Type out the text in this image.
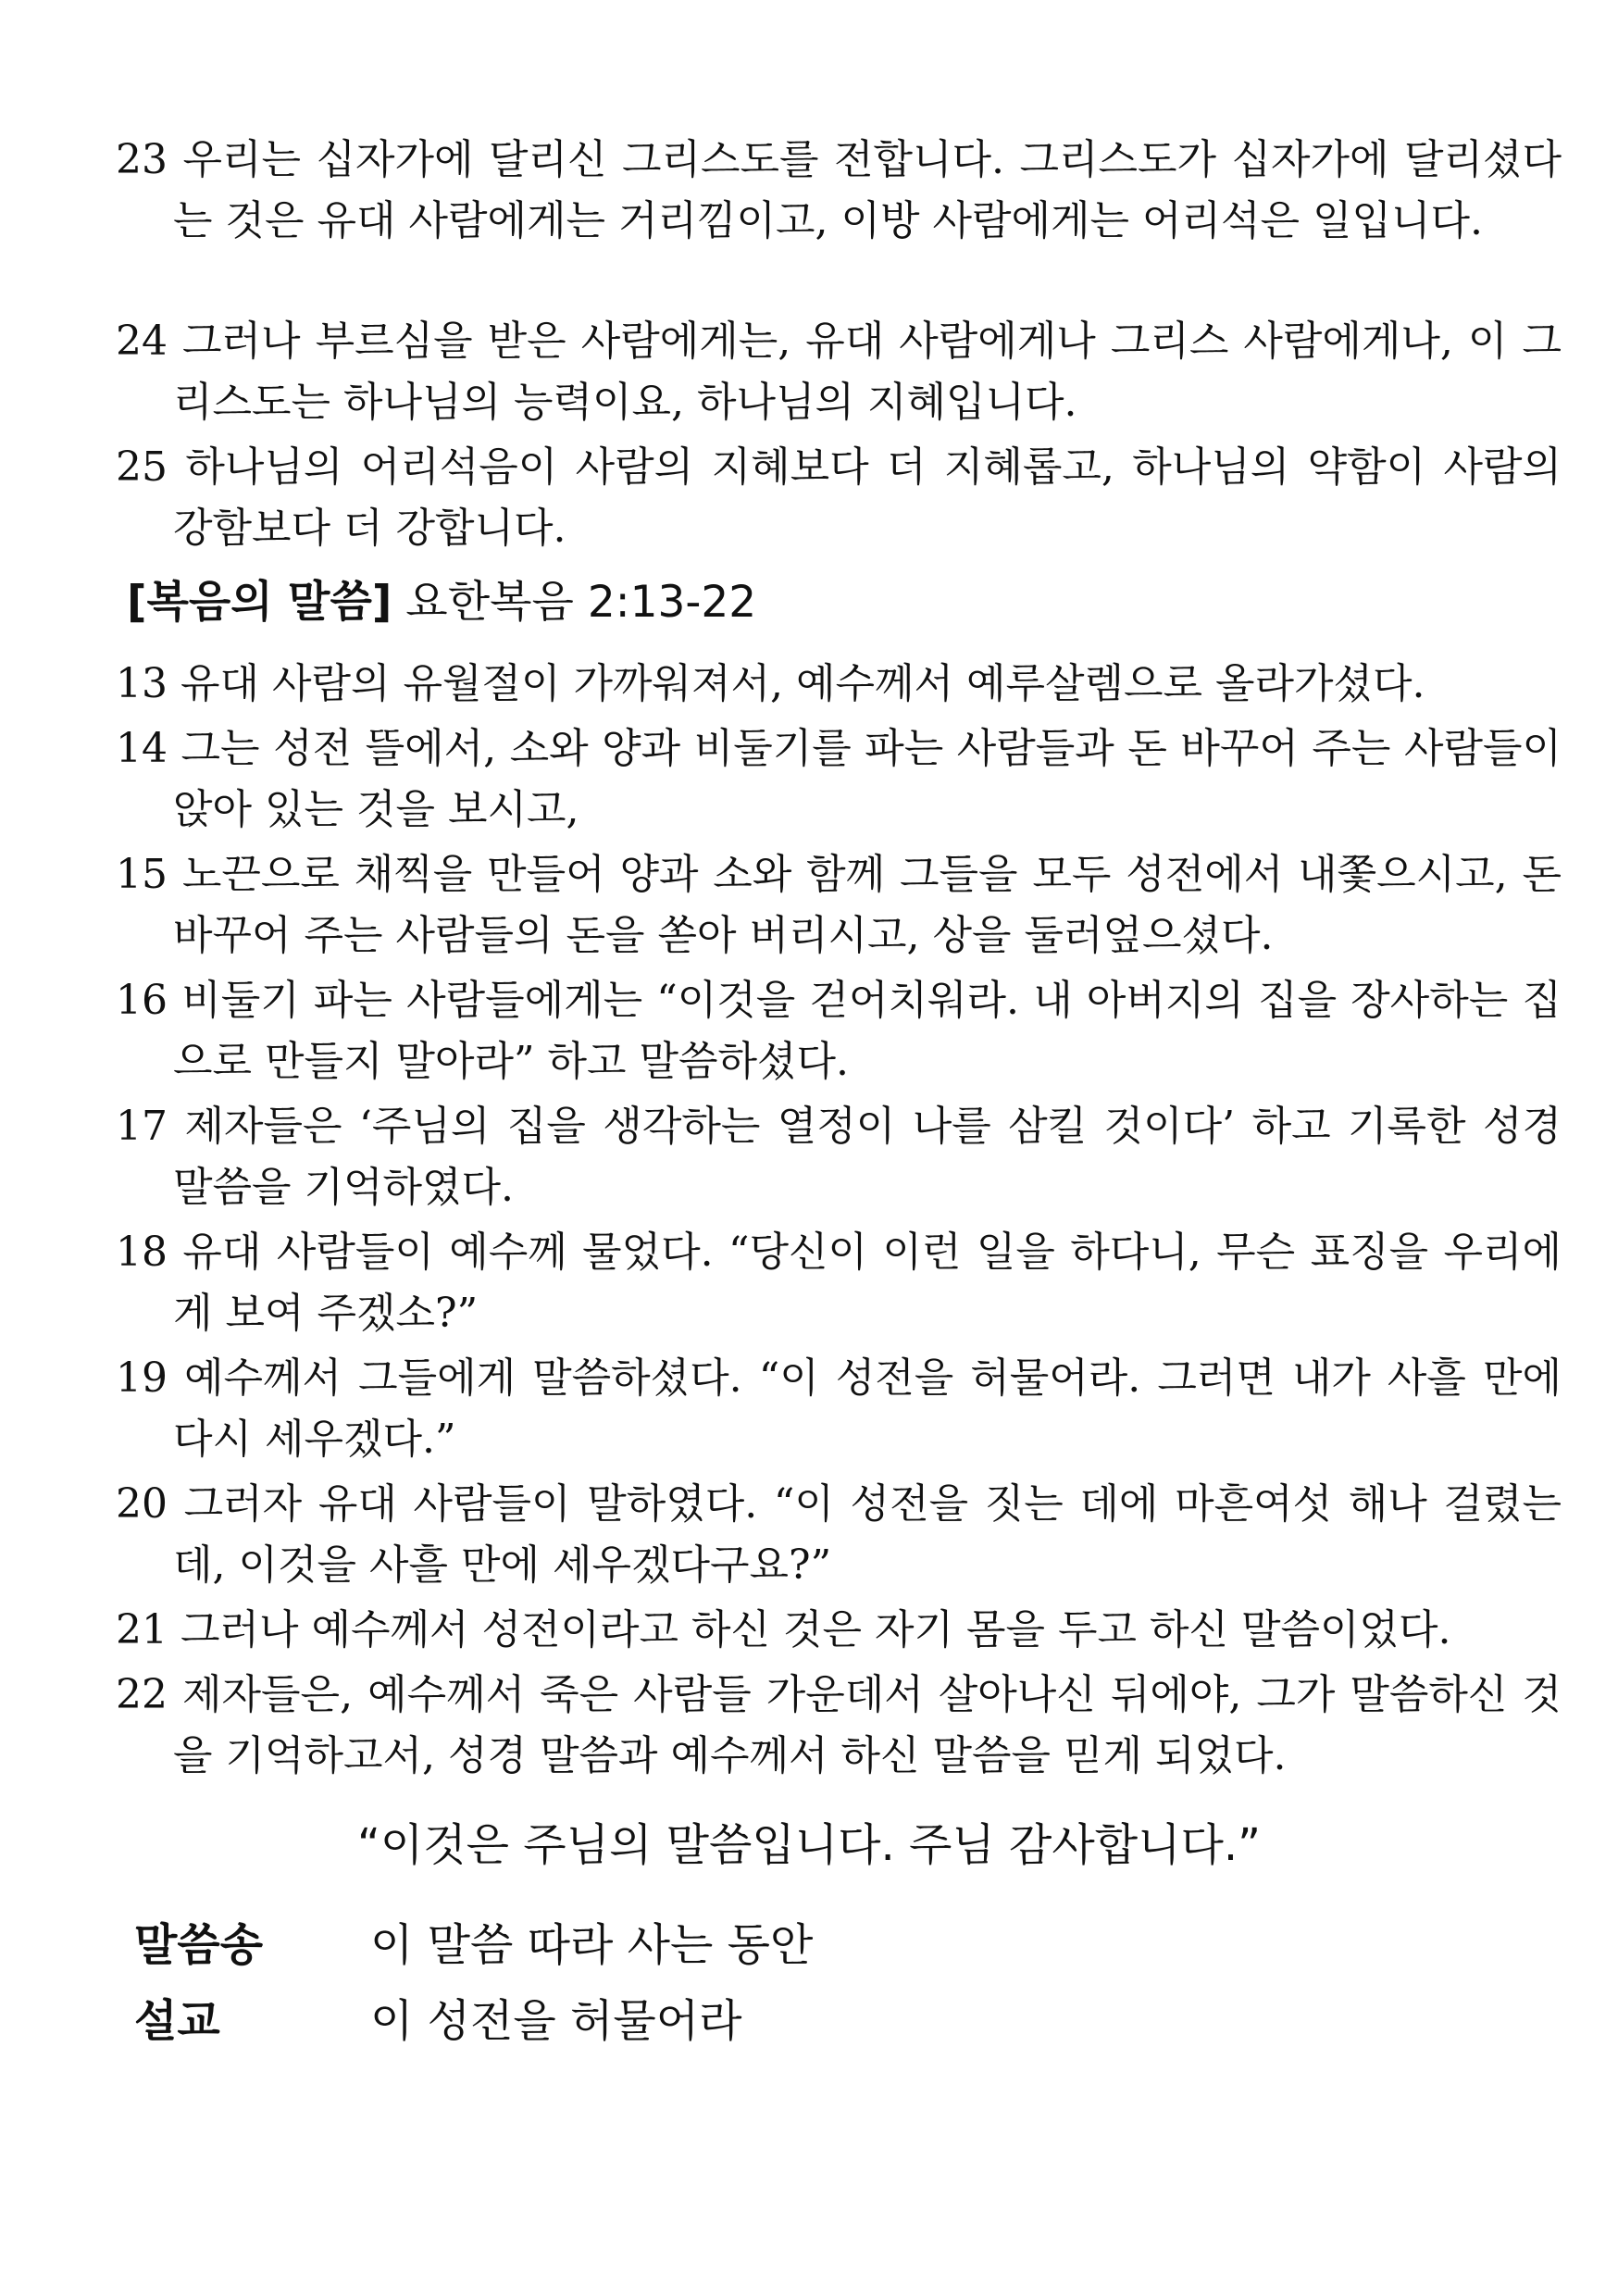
23 우리는 십자가에 달리신 그리스도를 전합니다. 그리스도가 십자가에 달리셨다는 것은 유대 사람에게는 거리낌이고, 이방 사람에게는 어리석은 일입니다.

24 그러나 부르심을 받은 사람에게는, 유대 사람에게나 그리스 사람에게나, 이 그리스도는 하나님의 능력이요, 하나님의 지혜입니다.

25 하나님의 어리석음이 사람의 지혜보다 더 지혜롭고, 하나님의 약함이 사람의 강함보다 더 강합니다.

[복음의 말씀] 요한복음 2:13-22

13 유대 사람의 유월절이 가까워져서, 예수께서 예루살렘으로 올라가셨다.

14 그는 성전 뜰에서, 소와 양과 비둘기를 파는 사람들과 돈 바꾸어 주는 사람들이 앉아 있는 것을 보시고,

15 노끈으로 채찍을 만들어 양과 소와 함께 그들을 모두 성전에서 내쫓으시고, 돈 바꾸어 주는 사람들의 돈을 쏟아 버리시고, 상을 둘러엎으셨다.

16 비둘기 파는 사람들에게는 “이것을 걷어치워라. 내 아버지의 집을 장사하는 집으로 만들지 말아라” 하고 말씀하셨다.

17 제자들은 ‘주님의 집을 생각하는 열정이 나를 삼킬 것이다’ 하고 기록한 성경 말씀을 기억하였다.

18 유대 사람들이 예수께 물었다. “당신이 이런 일을 하다니, 무슨 표징을 우리에게 보여 주겠소?”

19 예수께서 그들에게 말씀하셨다. “이 성전을 허물어라. 그러면 내가 사흘 만에 다시 세우겠다.”

20 그러자 유대 사람들이 말하였다. “이 성전을 짓는 데에 마흔여섯 해나 걸렸는데, 이것을 사흘 만에 세우겠다구요?”

21 그러나 예수께서 성전이라고 하신 것은 자기 몸을 두고 하신 말씀이었다.

22 제자들은, 예수께서 죽은 사람들 가운데서 살아나신 뒤에야, 그가 말씀하신 것을 기억하고서, 성경 말씀과 예수께서 하신 말씀을 믿게 되었다.

“이것은 주님의 말씀입니다. 주님 감사합니다.”

말씀송 이 말씀 따라 사는 동안
설교	이 성전을 허물어라
